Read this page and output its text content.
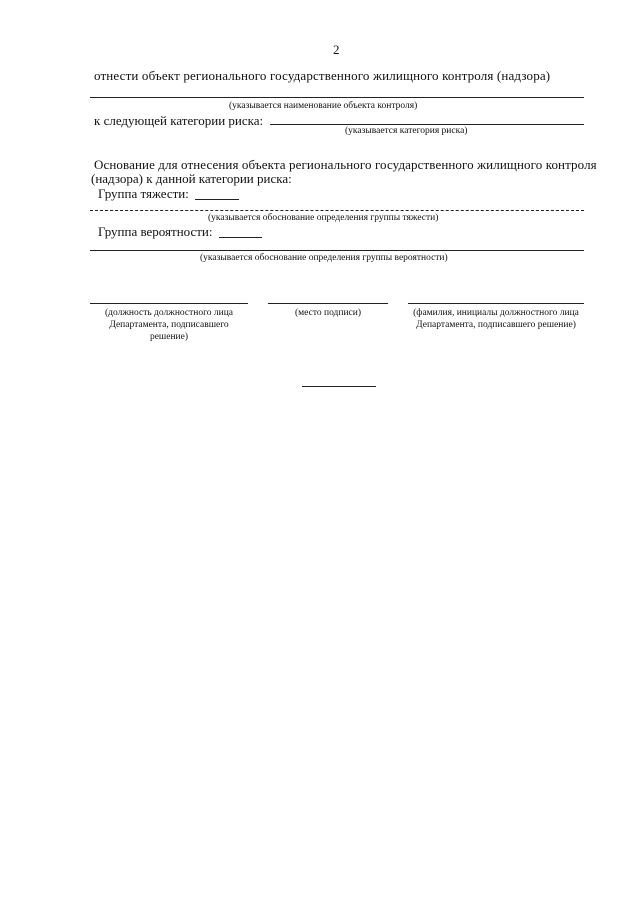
2
отнести объект регионального государственного жилищного контроля (надзора)
(указывается наименование объекта контроля)
к следующей категории риска:
(указывается категория риска)
Основание для отнесения объекта регионального государственного жилищного контроля
(надзора) к данной категории риска:
Группа тяжести:
(указывается обоснование определения группы тяжести)
Группа вероятности:
(указывается обоснование определения группы вероятности)
(должность должностного лица Департамента, подписавшего решение)
(место подписи)	(фамилия, инициалы должностного лица Департамента, подписавшего решение)
